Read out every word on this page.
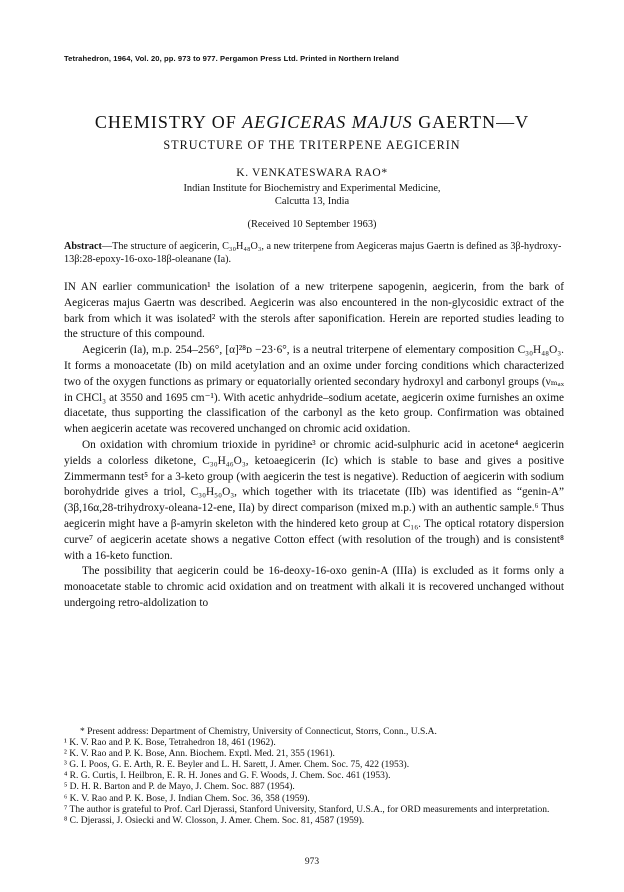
Tetrahedron, 1964, Vol. 20, pp. 973 to 977. Pergamon Press Ltd. Printed in Northern Ireland
CHEMISTRY OF AEGICERAS MAJUS GAERTN—V
STRUCTURE OF THE TRITERPENE AEGICERIN
K. VENKATESWARA RAO*
Indian Institute for Biochemistry and Experimental Medicine,
Calcutta 13, India
(Received 10 September 1963)
Abstract—The structure of aegicerin, C₃₀H₄₈O₃, a new triterpene from Aegiceras majus Gaertn is defined as 3β-hydroxy-13β:28-epoxy-16-oxo-18β-oleanane (Ia).

IN AN earlier communication¹ the isolation of a new triterpene sapogenin, aegicerin, from the bark of Aegiceras majus Gaertn was described. Aegicerin was also encountered in the non-glycosidic extract of the bark from which it was isolated² with the sterols after saponification. Herein are reported studies leading to the structure of this compound.

Aegicerin (Ia), m.p. 254–256°, [α]²⁸ᴅ −23·6°, is a neutral triterpene of elementary composition C₃₀H₄₈O₃. It forms a monoacetate (Ib) on mild acetylation and an oxime under forcing conditions which characterized two of the oxygen functions as primary or equatorially oriented secondary hydroxyl and carbonyl groups (νₘₐₓ in CHCl₃ at 3550 and 1695 cm⁻¹). With acetic anhydride–sodium acetate, aegicerin oxime furnishes an oxime diacetate, thus supporting the classification of the carbonyl as the keto group. Confirmation was obtained when aegicerin acetate was recovered unchanged on chromic acid oxidation.

On oxidation with chromium trioxide in pyridine³ or chromic acid-sulphuric acid in acetone⁴ aegicerin yields a colorless diketone, C₃₀H₄₆O₃, ketoaegicerin (Ic) which is stable to base and gives a positive Zimmermann test⁵ for a 3-keto group (with aegicerin the test is negative). Reduction of aegicerin with sodium borohydride gives a triol, C₃₀H₅₀O₃, which together with its triacetate (IIb) was identified as “genin-A” (3β,16α,28-trihydroxy-oleana-12-ene, IIa) by direct comparison (mixed m.p.) with an authentic sample.⁶ Thus aegicerin might have a β-amyrin skeleton with the hindered keto group at C₁₆. The optical rotatory dispersion curve⁷ of aegicerin acetate shows a negative Cotton effect (with resolution of the trough) and is consistent⁸ with a 16-keto function.

The possibility that aegicerin could be 16-deoxy-16-oxo genin-A (IIIa) is excluded as it forms only a monoacetate stable to chromic acid oxidation and on treatment with alkali it is recovered unchanged without undergoing retro-aldolization to

* Present address: Department of Chemistry, University of Connecticut, Storrs, Conn., U.S.A.
¹ K. V. Rao and P. K. Bose, Tetrahedron 18, 461 (1962).
² K. V. Rao and P. K. Bose, Ann. Biochem. Exptl. Med. 21, 355 (1961).
³ G. I. Poos, G. E. Arth, R. E. Beyler and L. H. Sarett, J. Amer. Chem. Soc. 75, 422 (1953).
⁴ R. G. Curtis, I. Heilbron, E. R. H. Jones and G. F. Woods, J. Chem. Soc. 461 (1953).
⁵ D. H. R. Barton and P. de Mayo, J. Chem. Soc. 887 (1954).
⁶ K. V. Rao and P. K. Bose, J. Indian Chem. Soc. 36, 358 (1959).
⁷ The author is grateful to Prof. Carl Djerassi, Stanford University, Stanford, U.S.A., for ORD measurements and interpretation.
⁸ C. Djerassi, J. Osiecki and W. Closson, J. Amer. Chem. Soc. 81, 4587 (1959).
973
